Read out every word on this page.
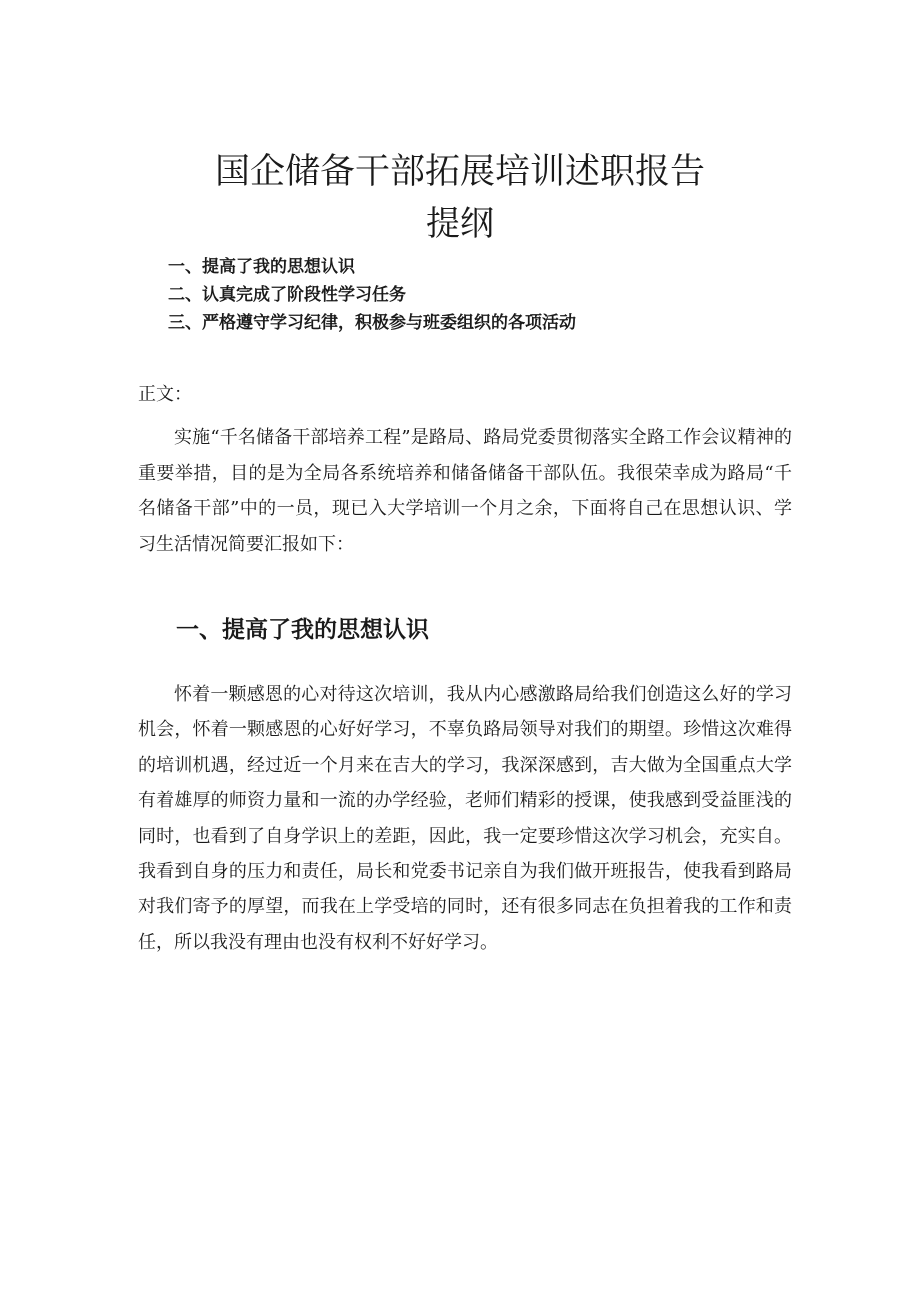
国企储备干部拓展培训述职报告
提纲
一、提高了我的思想认识
二、认真完成了阶段性学习任务
三、严格遵守学习纪律，积极参与班委组织的各项活动
正文：
实施“千名储备干部培养工程”是路局、路局党委贯彻落实全路工作会议精神的重要举措，目的是为全局各系统培养和储备储备干部队伍。我很荣幸成为路局“千名储备干部”中的一员，现已入大学培训一个月之余，下面将自己在思想认识、学习生活情况简要汇报如下：
一、提高了我的思想认识
怀着一颗感恩的心对待这次培训，我从内心感激路局给我们创造这么好的学习机会，怀着一颗感恩的心好好学习，不辜负路局领导对我们的期望。珍惜这次难得的培训机遇，经过近一个月来在吉大的学习，我深深感到，吉大做为全国重点大学有着雄厚的师资力量和一流的办学经验，老师们精彩的授课，使我感到受益匪浅的同时，也看到了自身学识上的差距，因此，我一定要珍惜这次学习机会，充实自。我看到自身的压力和责任，局长和党委书记亲自为我们做开班报告，使我看到路局对我们寄予的厚望，而我在上学受培的同时，还有很多同志在负担着我的工作和责任，所以我没有理由也没有权利不好好学习。
